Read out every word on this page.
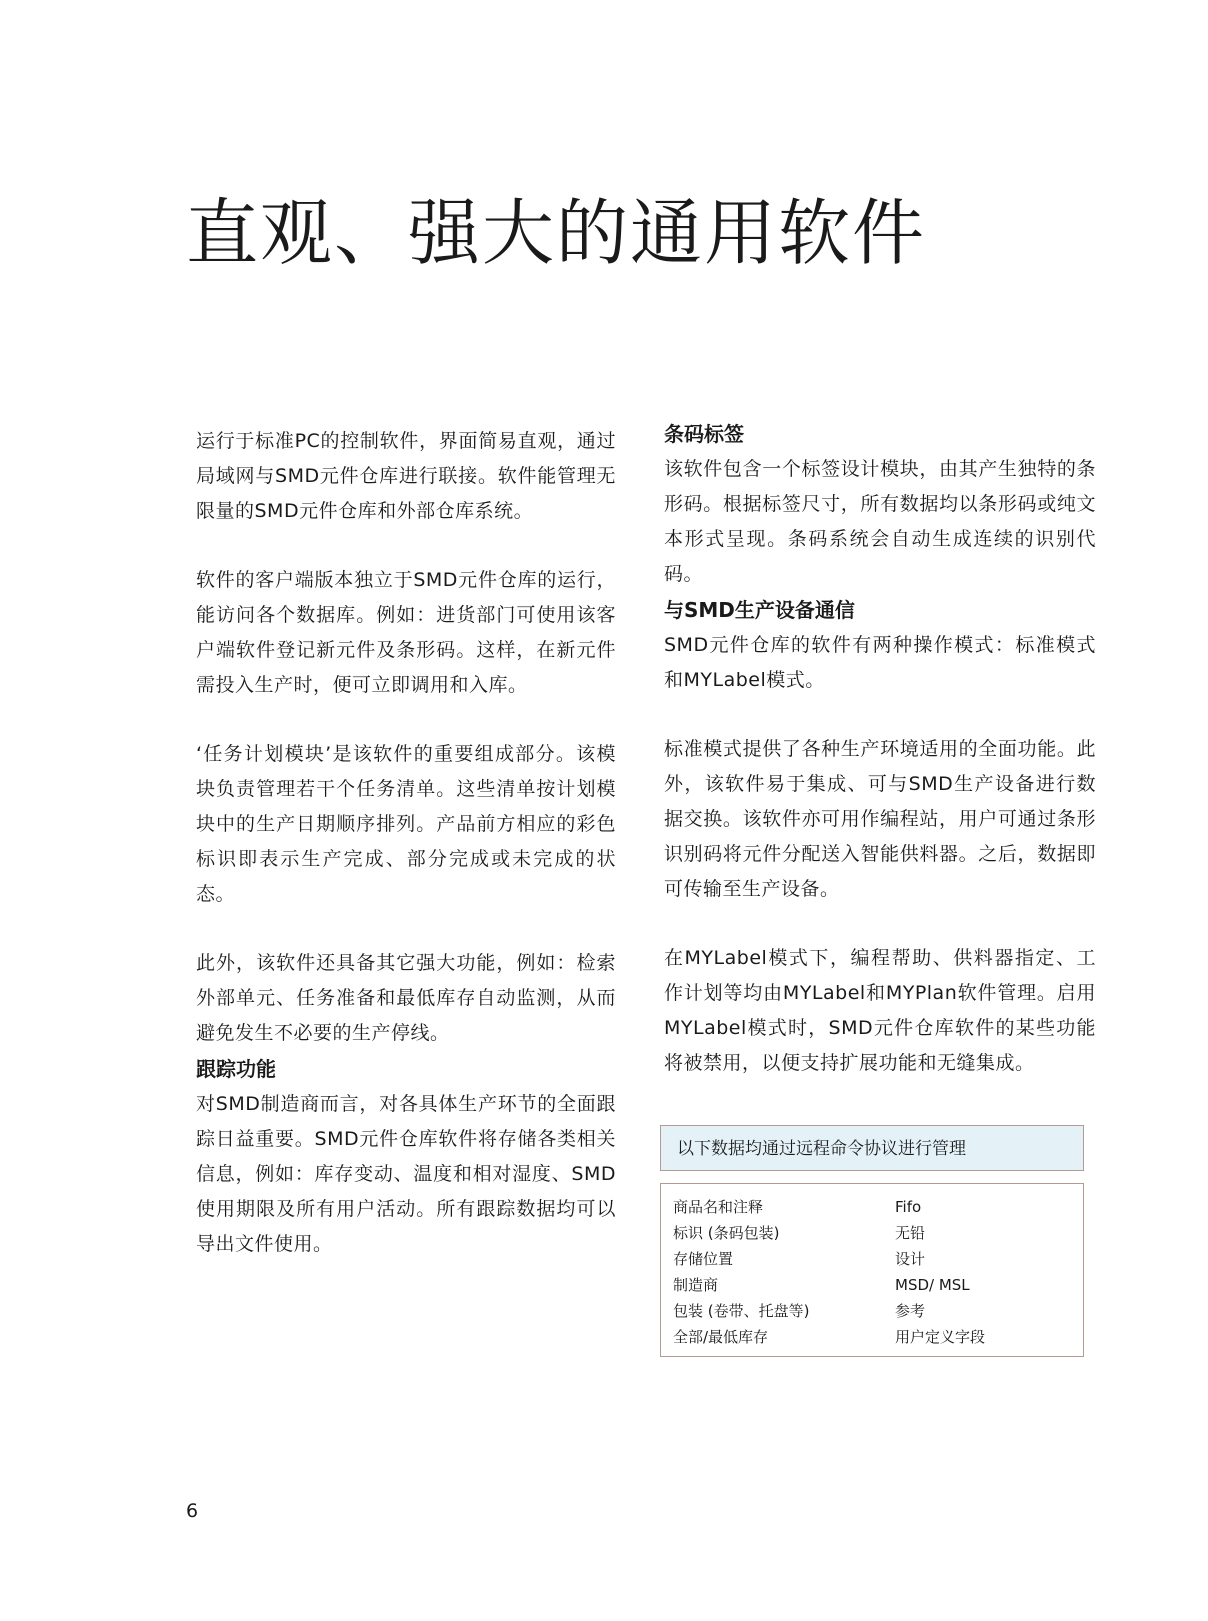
直观、强大的通用软件

运行于标准PC的控制软件，界面简易直观，通过局域网与SMD元件仓库进行联接。软件能管理无限量的SMD元件仓库和外部仓库系统。

软件的客户端版本独立于SMD元件仓库的运行，能访问各个数据库。例如：进货部门可使用该客户端软件登记新元件及条形码。这样，在新元件需投入生产时，便可立即调用和入库。

‘任务计划模块’是该软件的重要组成部分。该模块负责管理若干个任务清单。这些清单按计划模块中的生产日期顺序排列。产品前方相应的彩色标识即表示生产完成、部分完成或未完成的状态。

此外，该软件还具备其它强大功能，例如：检索外部单元、任务准备和最低库存自动监测，从而避免发生不必要的生产停线。

跟踪功能

对SMD制造商而言，对各具体生产环节的全面跟踪日益重要。SMD元件仓库软件将存储各类相关信息，例如：库存变动、温度和相对湿度、SMD使用期限及所有用户活动。所有跟踪数据均可以导出文件使用。

条码标签

该软件包含一个标签设计模块，由其产生独特的条形码。根据标签尺寸，所有数据均以条形码或纯文本形式呈现。条码系统会自动生成连续的识别代码。

与SMD生产设备通信

SMD元件仓库的软件有两种操作模式：标准模式和MYLabel模式。

标准模式提供了各种生产环境适用的全面功能。此外，该软件易于集成、可与SMD生产设备进行数据交换。该软件亦可用作编程站，用户可通过条形识别码将元件分配送入智能供料器。之后，数据即可传输至生产设备。

在MYLabel模式下，编程帮助、供料器指定、工作计划等均由MYLabel和MYPlan软件管理。启用MYLabel模式时，SMD元件仓库软件的某些功能将被禁用，以便支持扩展功能和无缝集成。

以下数据均通过远程命令协议进行管理
商品名和注释	Fifo
标识 (条码包装)	无铅
存储位置	设计
制造商	MSD/ MSL
包装 (卷带、托盘等)	参考
全部/最低库存	用户定义字段
6
